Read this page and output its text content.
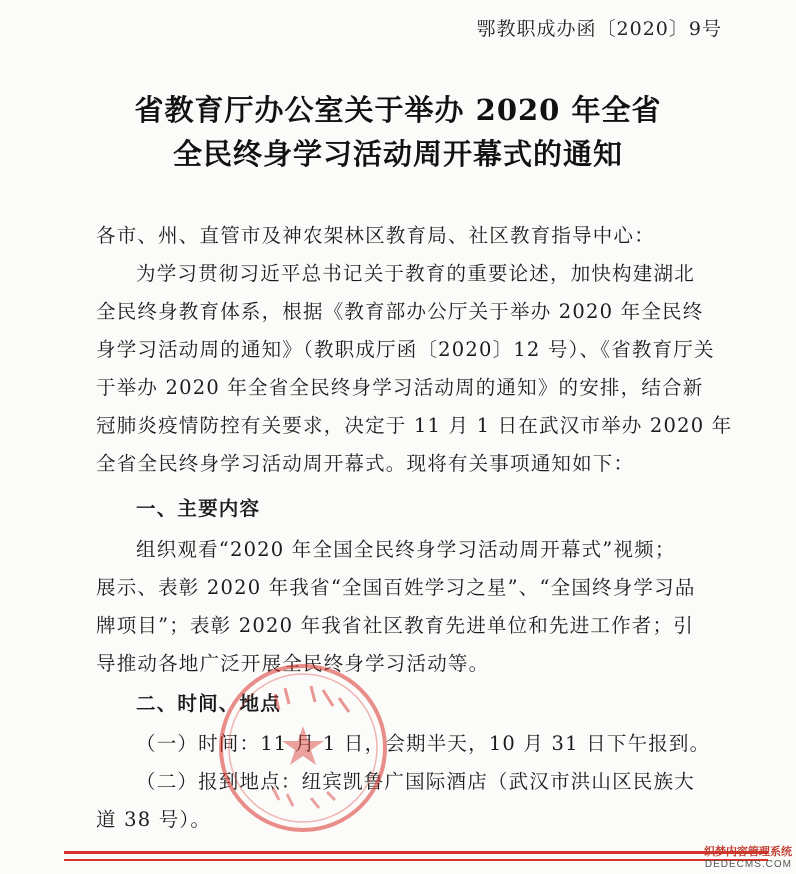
鄂教职成办函〔2020〕9号
省教育厅办公室关于举办 2020 年全省
全民终身学习活动周开幕式的通知
各市、州、直管市及神农架林区教育局、社区教育指导中心：
为学习贯彻习近平总书记关于教育的重要论述，加快构建湖北
全民终身教育体系，根据《教育部办公厅关于举办 2020 年全民终
身学习活动周的通知》（教职成厅函〔2020〕12 号）、《省教育厅关
于举办 2020 年全省全民终身学习活动周的通知》的安排，结合新
冠肺炎疫情防控有关要求，决定于 11 月 1 日在武汉市举办 2020 年
全省全民终身学习活动周开幕式。现将有关事项通知如下：
一、主要内容
组织观看“2020 年全国全民终身学习活动周开幕式”视频；
展示、表彰 2020 年我省“全国百姓学习之星”、“全国终身学习品
牌项目”；表彰 2020 年我省社区教育先进单位和先进工作者；引
导推动各地广泛开展全民终身学习活动等。
二、时间、地点
（一）时间：11 月 1 日，会期半天，10 月 31 日下午报到。
（二）报到地点：纽宾凯鲁广国际酒店（武汉市洪山区民族大
道 38 号）。
织梦内容管理系统
DEDECMS.COM
